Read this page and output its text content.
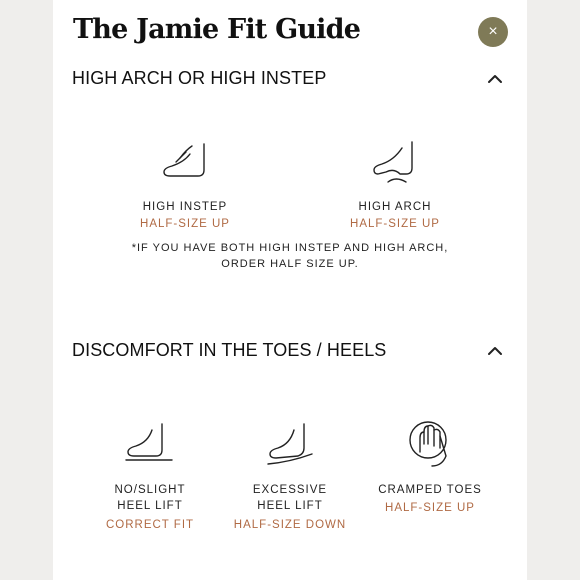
The Jamie Fit Guide	×
HIGH ARCH OR HIGH INSTEP
HIGH INSTEP
HALF-SIZE UP
HIGH ARCH
HALF-SIZE UP
*IF YOU HAVE BOTH HIGH INSTEP AND HIGH ARCH,
ORDER HALF SIZE UP.
DISCOMFORT IN THE TOES / HEELS
NO/SLIGHT
HEEL LIFT
CORRECT FIT
EXCESSIVE
HEEL LIFT
HALF-SIZE DOWN
CRAMPED TOES
HALF-SIZE UP
